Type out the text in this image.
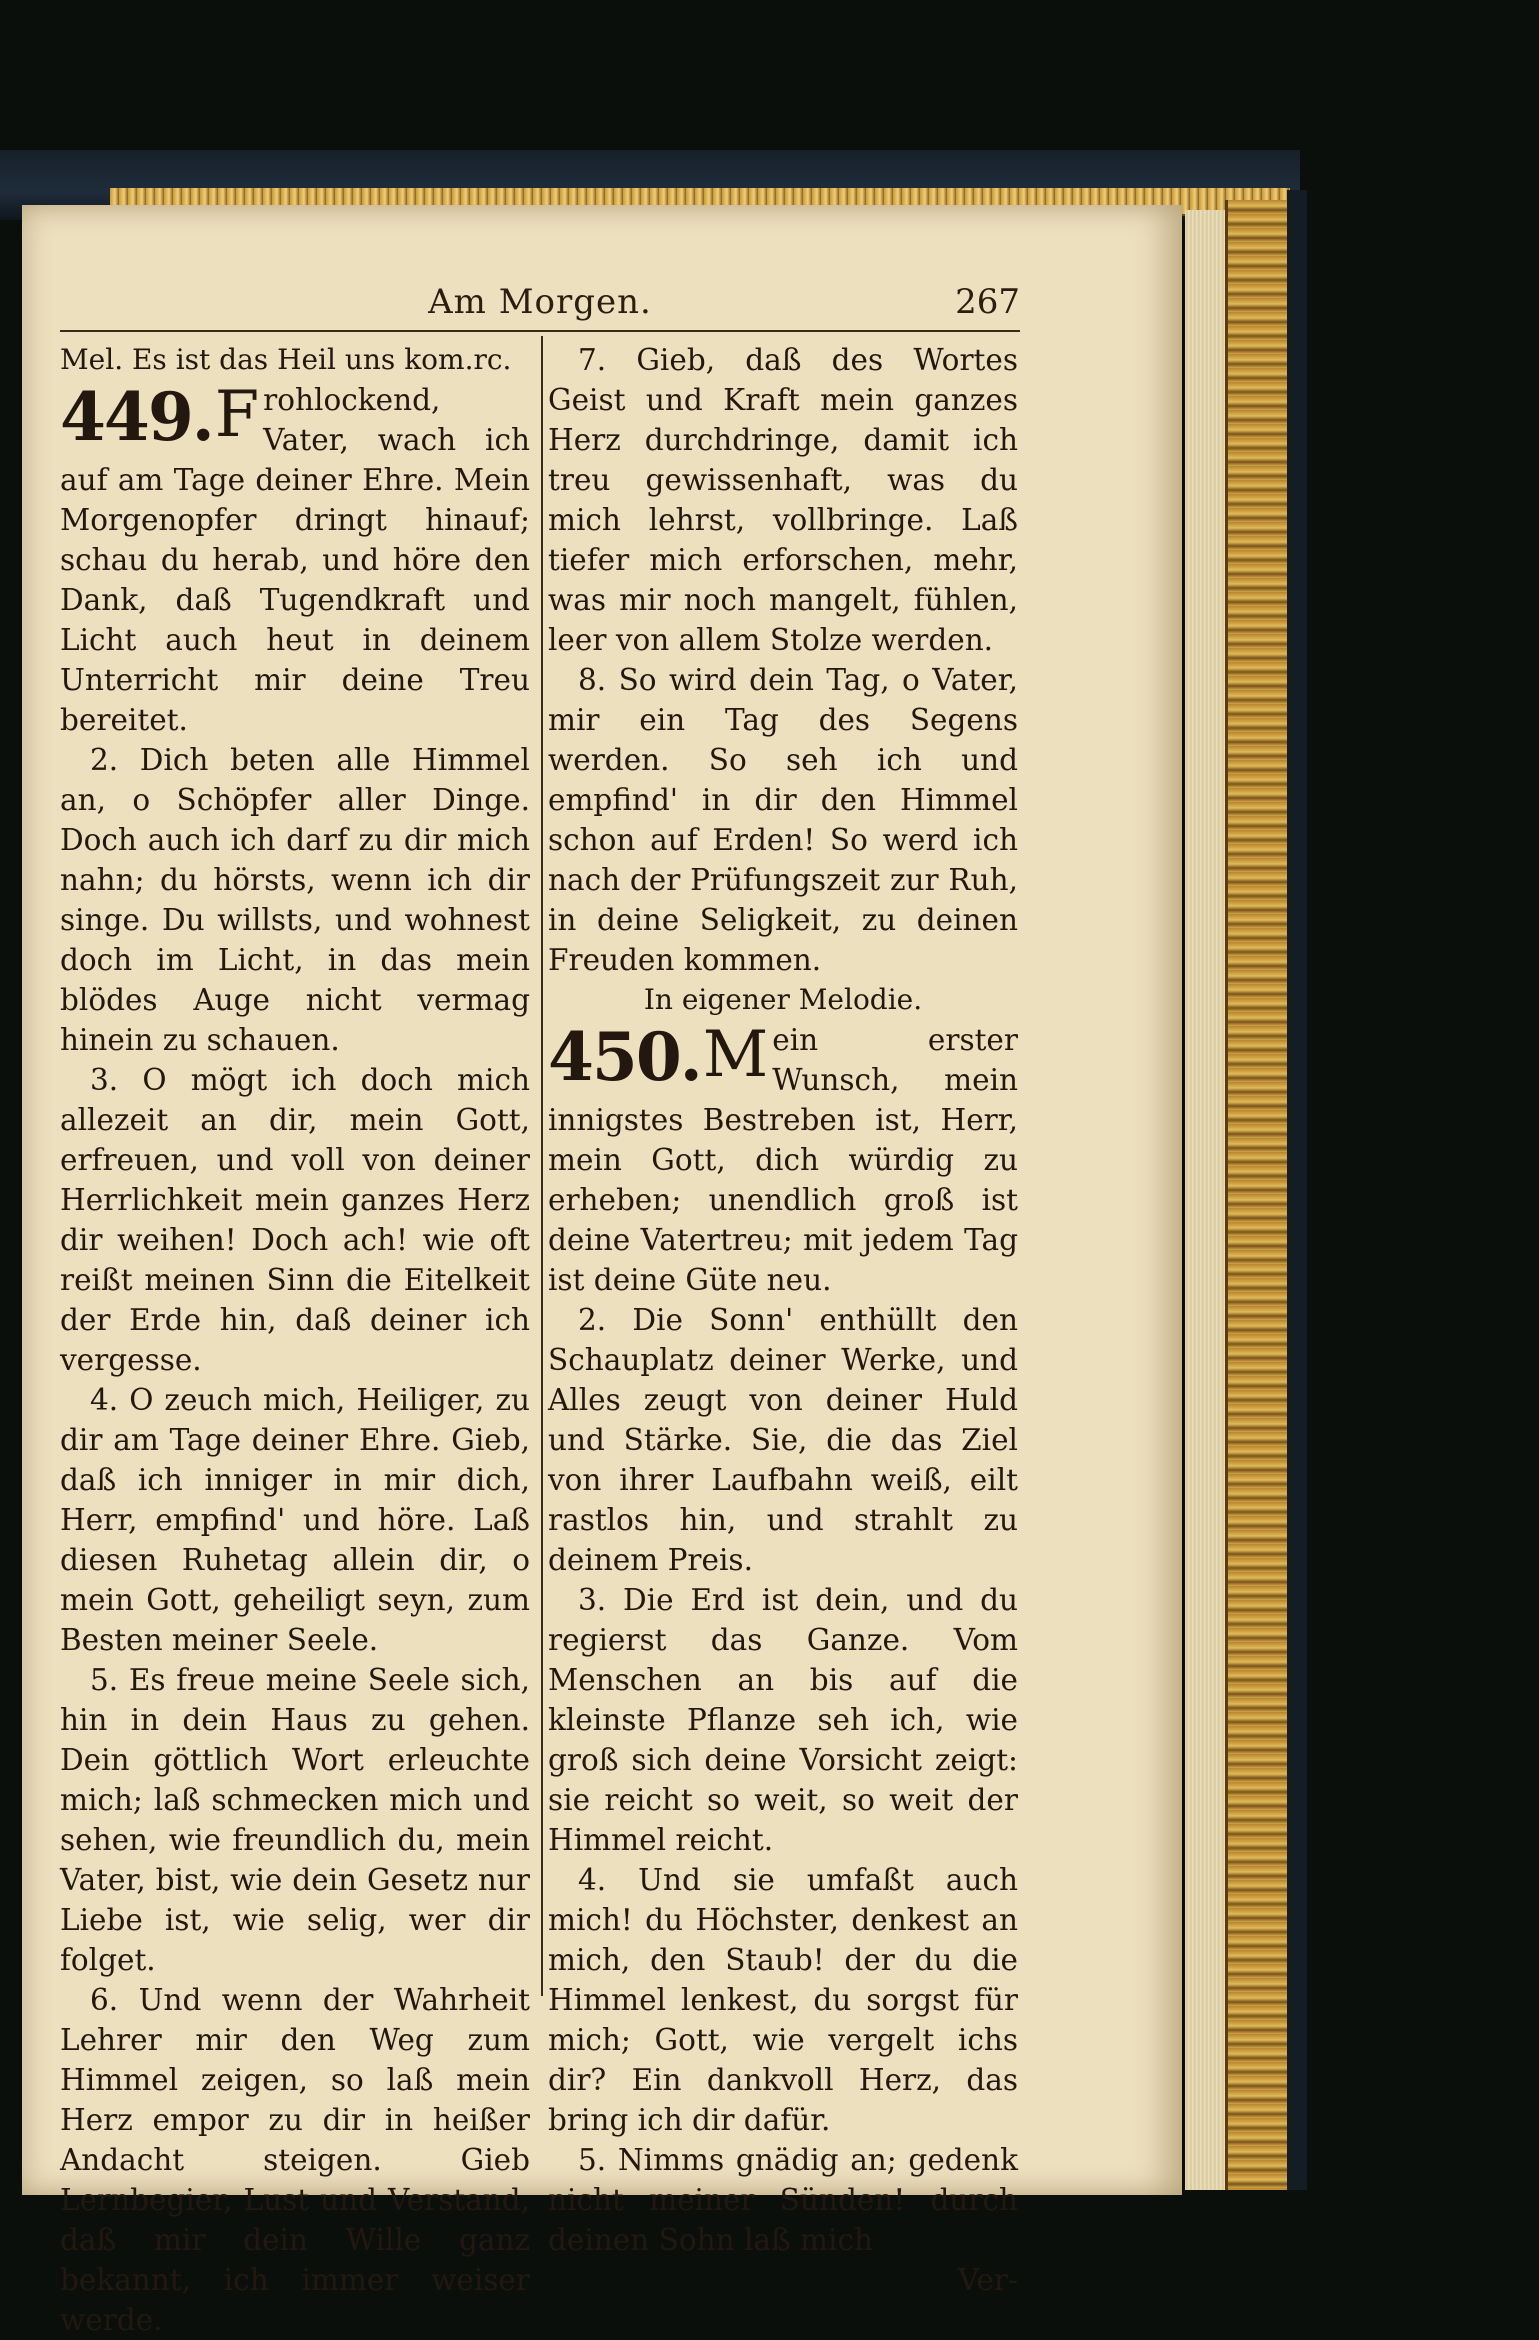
Am Morgen.	267

Mel. Es ist das Heil uns kom.rc.

449. F rohlockend, Vater, wach ich auf am Tage deiner Ehre. Mein Morgenopfer dringt hinauf; schau du herab, und höre den Dank, daß Tugendkraft und Licht auch heut in deinem Unterricht mir deine Treu bereitet.

2. Dich beten alle Himmel an, o Schöpfer aller Dinge. Doch auch ich darf zu dir mich nahn; du hörsts, wenn ich dir singe. Du willsts, und wohnest doch im Licht, in das mein blödes Auge nicht vermag hinein zu schauen.

3. O mögt ich doch mich allezeit an dir, mein Gott, erfreuen, und voll von deiner Herrlichkeit mein ganzes Herz dir weihen! Doch ach! wie oft reißt meinen Sinn die Eitelkeit der Erde hin, daß deiner ich vergesse.

4. O zeuch mich, Heiliger, zu dir am Tage deiner Ehre. Gieb, daß ich inniger in mir dich, Herr, empfind' und höre. Laß diesen Ruhetag allein dir, o mein Gott, geheiligt seyn, zum Besten meiner Seele.

5. Es freue meine Seele sich, hin in dein Haus zu gehen. Dein göttlich Wort erleuchte mich; laß schmecken mich und sehen, wie freundlich du, mein Vater, bist, wie dein Gesetz nur Liebe ist, wie selig, wer dir folget.

6. Und wenn der Wahrheit Lehrer mir den Weg zum Himmel zeigen, so laß mein Herz empor zu dir in heißer Andacht steigen. Gieb Lernbegier, Lust und Verstand, daß mir dein Wille ganz bekannt, ich immer weiser werde.

7. Gieb, daß des Wortes Geist und Kraft mein ganzes Herz durchdringe, damit ich treu gewissenhaft, was du mich lehrst, vollbringe. Laß tiefer mich erforschen, mehr, was mir noch mangelt, fühlen, leer von allem Stolze werden.

8. So wird dein Tag, o Vater, mir ein Tag des Segens werden. So seh ich und empfind' in dir den Himmel schon auf Erden! So werd ich nach der Prüfungszeit zur Ruh, in deine Seligkeit, zu deinen Freuden kommen.

In eigener Melodie.

450. M ein erster Wunsch, mein innigstes Bestreben ist, Herr, mein Gott, dich würdig zu erheben; unendlich groß ist deine Vatertreu; mit jedem Tag ist deine Güte neu.

2. Die Sonn' enthüllt den Schauplatz deiner Werke, und Alles zeugt von deiner Huld und Stärke. Sie, die das Ziel von ihrer Laufbahn weiß, eilt rastlos hin, und strahlt zu deinem Preis.

3. Die Erd ist dein, und du regierst das Ganze. Vom Menschen an bis auf die kleinste Pflanze seh ich, wie groß sich deine Vorsicht zeigt: sie reicht so weit, so weit der Himmel reicht.

4. Und sie umfaßt auch mich! du Höchster, denkest an mich, den Staub! der du die Himmel lenkest, du sorgst für mich; Gott, wie vergelt ichs dir? Ein dankvoll Herz, das bring ich dir dafür.

5. Nimms gnädig an; gedenk nicht meiner Sünden! durch deinen Sohn laß mich

Ver-
